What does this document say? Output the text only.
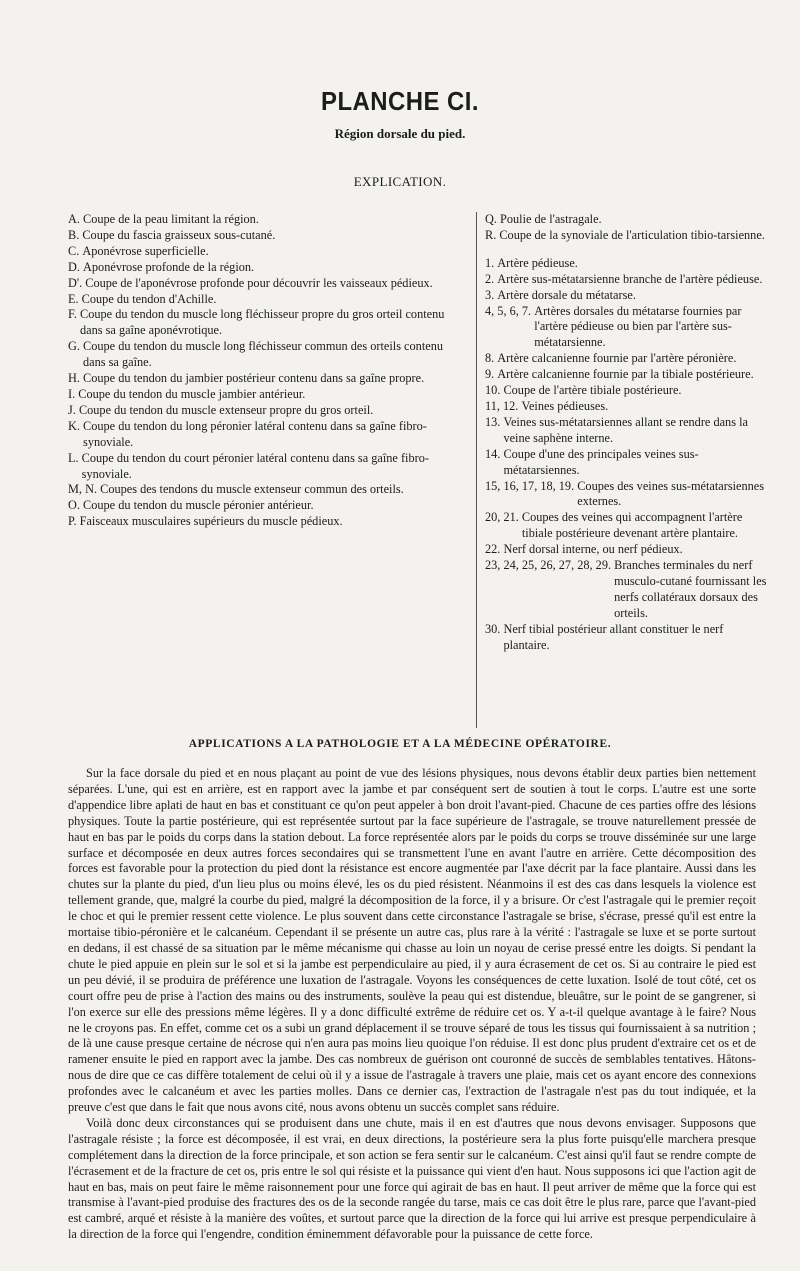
PLANCHE CI.
Région dorsale du pied.
EXPLICATION.
A. Coupe de la peau limitant la région.
B. Coupe du fascia graisseux sous-cutané.
C. Aponévrose superficielle.
D. Aponévrose profonde de la région.
D'. Coupe de l'aponévrose profonde pour découvrir les vaisseaux pédieux.
E. Coupe du tendon d'Achille.
F. Coupe du tendon du muscle long fléchisseur propre du gros orteil contenu dans sa gaîne aponévrotique.
G. Coupe du tendon du muscle long fléchisseur commun des orteils contenu dans sa gaîne.
H. Coupe du tendon du jambier postérieur contenu dans sa gaîne propre.
I. Coupe du tendon du muscle jambier antérieur.
J. Coupe du tendon du muscle extenseur propre du gros orteil.
K. Coupe du tendon du long péronier latéral contenu dans sa gaîne fibro-synoviale.
L. Coupe du tendon du court péronier latéral contenu dans sa gaîne fibro-synoviale.
M, N. Coupes des tendons du muscle extenseur commun des orteils.
O. Coupe du tendon du muscle péronier antérieur.
P. Faisceaux musculaires supérieurs du muscle pédieux.
Q. Poulie de l'astragale.
R. Coupe de la synoviale de l'articulation tibio-tarsienne.
1. Artère pédieuse.
2. Artère sus-métatarsienne branche de l'artère pédieuse.
3. Artère dorsale du métatarse.
4, 5, 6, 7. Artères dorsales du métatarse fournies par l'artère pédieuse ou bien par l'artère sus-métatarsienne.
8. Artère calcanienne fournie par l'artère péronière.
9. Artère calcanienne fournie par la tibiale postérieure.
10. Coupe de l'artère tibiale postérieure.
11, 12. Veines pédieuses.
13. Veines sus-métatarsiennes allant se rendre dans la veine saphène interne.
14. Coupe d'une des principales veines sus-métatarsiennes.
15, 16, 17, 18, 19. Coupes des veines sus-métatarsiennes externes.
20, 21. Coupes des veines qui accompagnent l'artère tibiale postérieure devenant artère plantaire.
22. Nerf dorsal interne, ou nerf pédieux.
23, 24, 25, 26, 27, 28, 29. Branches terminales du nerf musculo-cutané fournissant les nerfs collatéraux dorsaux des orteils.
30. Nerf tibial postérieur allant constituer le nerf plantaire.
APPLICATIONS A LA PATHOLOGIE ET A LA MÉDECINE OPÉRATOIRE.

Sur la face dorsale du pied et en nous plaçant au point de vue des lésions physiques, nous devons établir deux parties bien nettement séparées. L'une, qui est en arrière, est en rapport avec la jambe et par conséquent sert de soutien à tout le corps. L'autre est une sorte d'appendice libre aplati de haut en bas et constituant ce qu'on peut appeler à bon droit l'avant-pied. Chacune de ces parties offre des lésions physiques. Toute la partie postérieure, qui est représentée surtout par la face supérieure de l'astragale, se trouve naturellement pressée de haut en bas par le poids du corps dans la station debout. La force représentée alors par le poids du corps se trouve disséminée sur une large surface et décomposée en deux autres forces secondaires qui se transmettent l'une en avant l'autre en arrière. Cette décomposition des forces est favorable pour la protection du pied dont la résistance est encore augmentée par l'axe décrit par la face plantaire. Aussi dans les chutes sur la plante du pied, d'un lieu plus ou moins élevé, les os du pied résistent. Néanmoins il est des cas dans lesquels la violence est tellement grande, que, malgré la courbe du pied, malgré la décomposition de la force, il y a brisure. Or c'est l'astragale qui le premier reçoit le choc et qui le premier ressent cette violence. Le plus souvent dans cette circonstance l'astragale se brise, s'écrase, pressé qu'il est entre la mortaise tibio-péronière et le calcanéum. Cependant il se présente un autre cas, plus rare à la vérité : l'astragale se luxe et se porte surtout en dedans, il est chassé de sa situation par le même mécanisme qui chasse au loin un noyau de cerise pressé entre les doigts. Si pendant la chute le pied appuie en plein sur le sol et si la jambe est perpendiculaire au pied, il y aura écrasement de cet os. Si au contraire le pied est un peu dévié, il se produira de préférence une luxation de l'astragale. Voyons les conséquences de cette luxation. Isolé de tout côté, cet os court offre peu de prise à l'action des mains ou des instruments, soulève la peau qui est distendue, bleuâtre, sur le point de se gangrener, si l'on exerce sur elle des pressions même légères. Il y a donc difficulté extrême de réduire cet os. Y a-t-il quelque avantage à le faire? Nous ne le croyons pas. En effet, comme cet os a subi un grand déplacement il se trouve séparé de tous les tissus qui fournissaient à sa nutrition ; de là une cause presque certaine de nécrose qui n'en aura pas moins lieu quoique l'on réduise. Il est donc plus prudent d'extraire cet os et de ramener ensuite le pied en rapport avec la jambe. Des cas nombreux de guérison ont couronné de succès de semblables tentatives. Hâtons-nous de dire que ce cas diffère totalement de celui où il y a issue de l'astragale à travers une plaie, mais cet os ayant encore des connexions profondes avec le calcanéum et avec les parties molles. Dans ce dernier cas, l'extraction de l'astragale n'est pas du tout indiquée, et la preuve c'est que dans le fait que nous avons cité, nous avons obtenu un succès complet sans réduire.

Voilà donc deux circonstances qui se produisent dans une chute, mais il en est d'autres que nous devons envisager. Supposons que l'astragale résiste ; la force est décomposée, il est vrai, en deux directions, la postérieure sera la plus forte puisqu'elle marchera presque complétement dans la direction de la force principale, et son action se fera sentir sur le calcanéum. C'est ainsi qu'il faut se rendre compte de l'écrasement et de la fracture de cet os, pris entre le sol qui résiste et la puissance qui vient d'en haut. Nous supposons ici que l'action agit de haut en bas, mais on peut faire le même raisonnement pour une force qui agirait de bas en haut. Il peut arriver de même que la force qui est transmise à l'avant-pied produise des fractures des os de la seconde rangée du tarse, mais ce cas doit être le plus rare, parce que l'avant-pied est cambré, arqué et résiste à la manière des voûtes, et surtout parce que la direction de la force qui lui arrive est presque perpendiculaire à la direction de la force qui l'engendre, condition éminemment défavorable pour la puissance de cette force.
